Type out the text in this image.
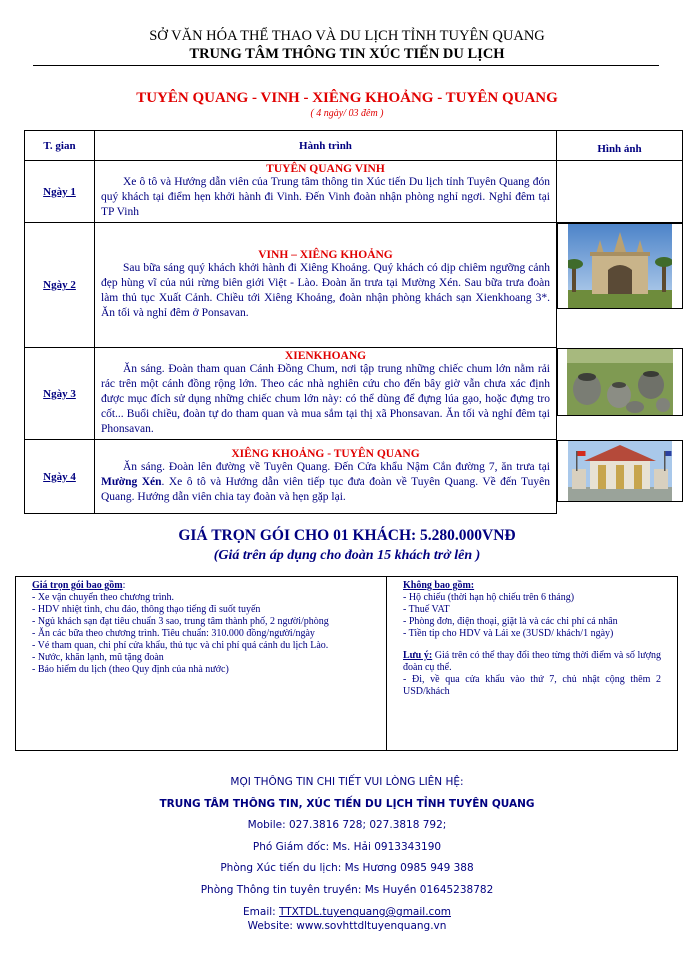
SỞ VĂN HÓA THỂ THAO VÀ DU LỊCH TỈNH TUYÊN QUANG
TRUNG TÂM THÔNG TIN XÚC TIẾN DU LỊCH
TUYÊN QUANG - VINH - XIÊNG KHOẢNG - TUYÊN QUANG
( 4 ngày/ 03 đêm )
T. gian	Hành trình	Hình ảnh
Ngày 1	TUYÊN QUANG VINH

Xe ô tô và Hướng dẫn viên của Trung tâm thông tin Xúc tiến Du lịch tỉnh Tuyên Quang đón quý khách tại điểm hẹn khởi hành đi Vinh. Đến Vinh đoàn nhận phòng nghỉ ngơi. Nghỉ đêm tại TP Vinh	

Ngày 2	VINH – XIÊNG KHOẢNG

Sau bữa sáng quý khách khởi hành đi Xiêng Khoảng. Quý khách có dịp chiêm ngưỡng cảnh đẹp hùng vĩ của núi rừng biên giới Việt - Lào. Đoàn ăn trưa tại Mường Xén. Sau bữa trưa đoàn làm thủ tục Xuất Cảnh. Chiều tới Xiêng Khoảng, đoàn nhận phòng khách sạn Xienkhoang 3*. Ăn tối và nghỉ đêm ở Ponsavan.

Ngày 3	XIENKHOANG

Ăn sáng. Đoàn tham quan Cánh Đồng Chum, nơi tập trung những chiếc chum lớn nằm rải rác trên một cánh đồng rộng lớn. Theo các nhà nghiên cứu cho đến bây giờ vẫn chưa xác định được mục đích sử dụng những chiếc chum lớn này: có thể dùng để đựng lúa gạo, hoặc đựng tro cốt... Buổi chiều, đoàn tự do tham quan và mua sắm tại thị xã Phonsavan. Ăn tối và nghỉ đêm tại Phonsavan.

Ngày 4	XIÊNG KHOẢNG - TUYÊN QUANG

Ăn sáng. Đoàn lên đường về Tuyên Quang. Đến Cửa khẩu Nậm Cắn đường 7, ăn trưa tại Mường Xén. Xe ô tô và Hướng dẫn viên tiếp tục đưa đoàn về Tuyên Quang. Về đến Tuyên Quang. Hướng dẫn viên chia tay đoàn và hẹn gặp lại.

GIÁ TRỌN GÓI CHO 01 KHÁCH: 5.280.000VNĐ
(Giá trên áp dụng cho đoàn 15 khách trở lên )
Giá trọn gói bao gồm:
- Xe vận chuyển theo chương trình.
- HDV nhiệt tình, chu đáo, thông thạo tiếng đi suốt tuyến
- Ngủ khách sạn đạt tiêu chuẩn 3 sao, trung tâm thành phố, 2 người/phòng
- Ăn các bữa theo chương trình. Tiêu chuẩn: 310.000 đồng/người/ngày
- Vé tham quan, chi phí cửa khẩu, thủ tục và chi phí quá cảnh du lịch Lào.
- Nước, khăn lạnh, mũ tặng đoàn
- Bảo hiểm du lịch (theo Quy định của nhà nước)

Không bao gồm:
- Hộ chiếu (thời hạn hộ chiếu trên 6 tháng)
- Thuế VAT
- Phòng đơn, điện thoại, giặt là và các chi phí cá nhân
- Tiền tip cho HDV và Lái xe (3USD/ khách/1 ngày)
Lưu ý: Giá trên có thể thay đổi theo từng thời điểm và số lượng đoàn cụ thể.
- Đi, về qua cửa khẩu vào thứ 7, chủ nhật cộng thêm 2 USD/khách
MỌI THÔNG TIN CHI TIẾT VUI LÒNG LIÊN HỆ:
TRUNG TÂM THÔNG TIN, XÚC TIẾN DU LỊCH TỈNH TUYÊN QUANG
Mobile: 027.3816 728; 027.3818 792;
Phó Giám đốc: Ms. Hải 0913343190
Phòng Xúc tiến du lịch: Ms Hương 0985 949 388
Phòng Thông tin tuyên truyền: Ms Huyền 01645238782
Email: TTXTDL.tuyenquang@gmail.com
Website: www.sovhttdltuyenquang.vn
